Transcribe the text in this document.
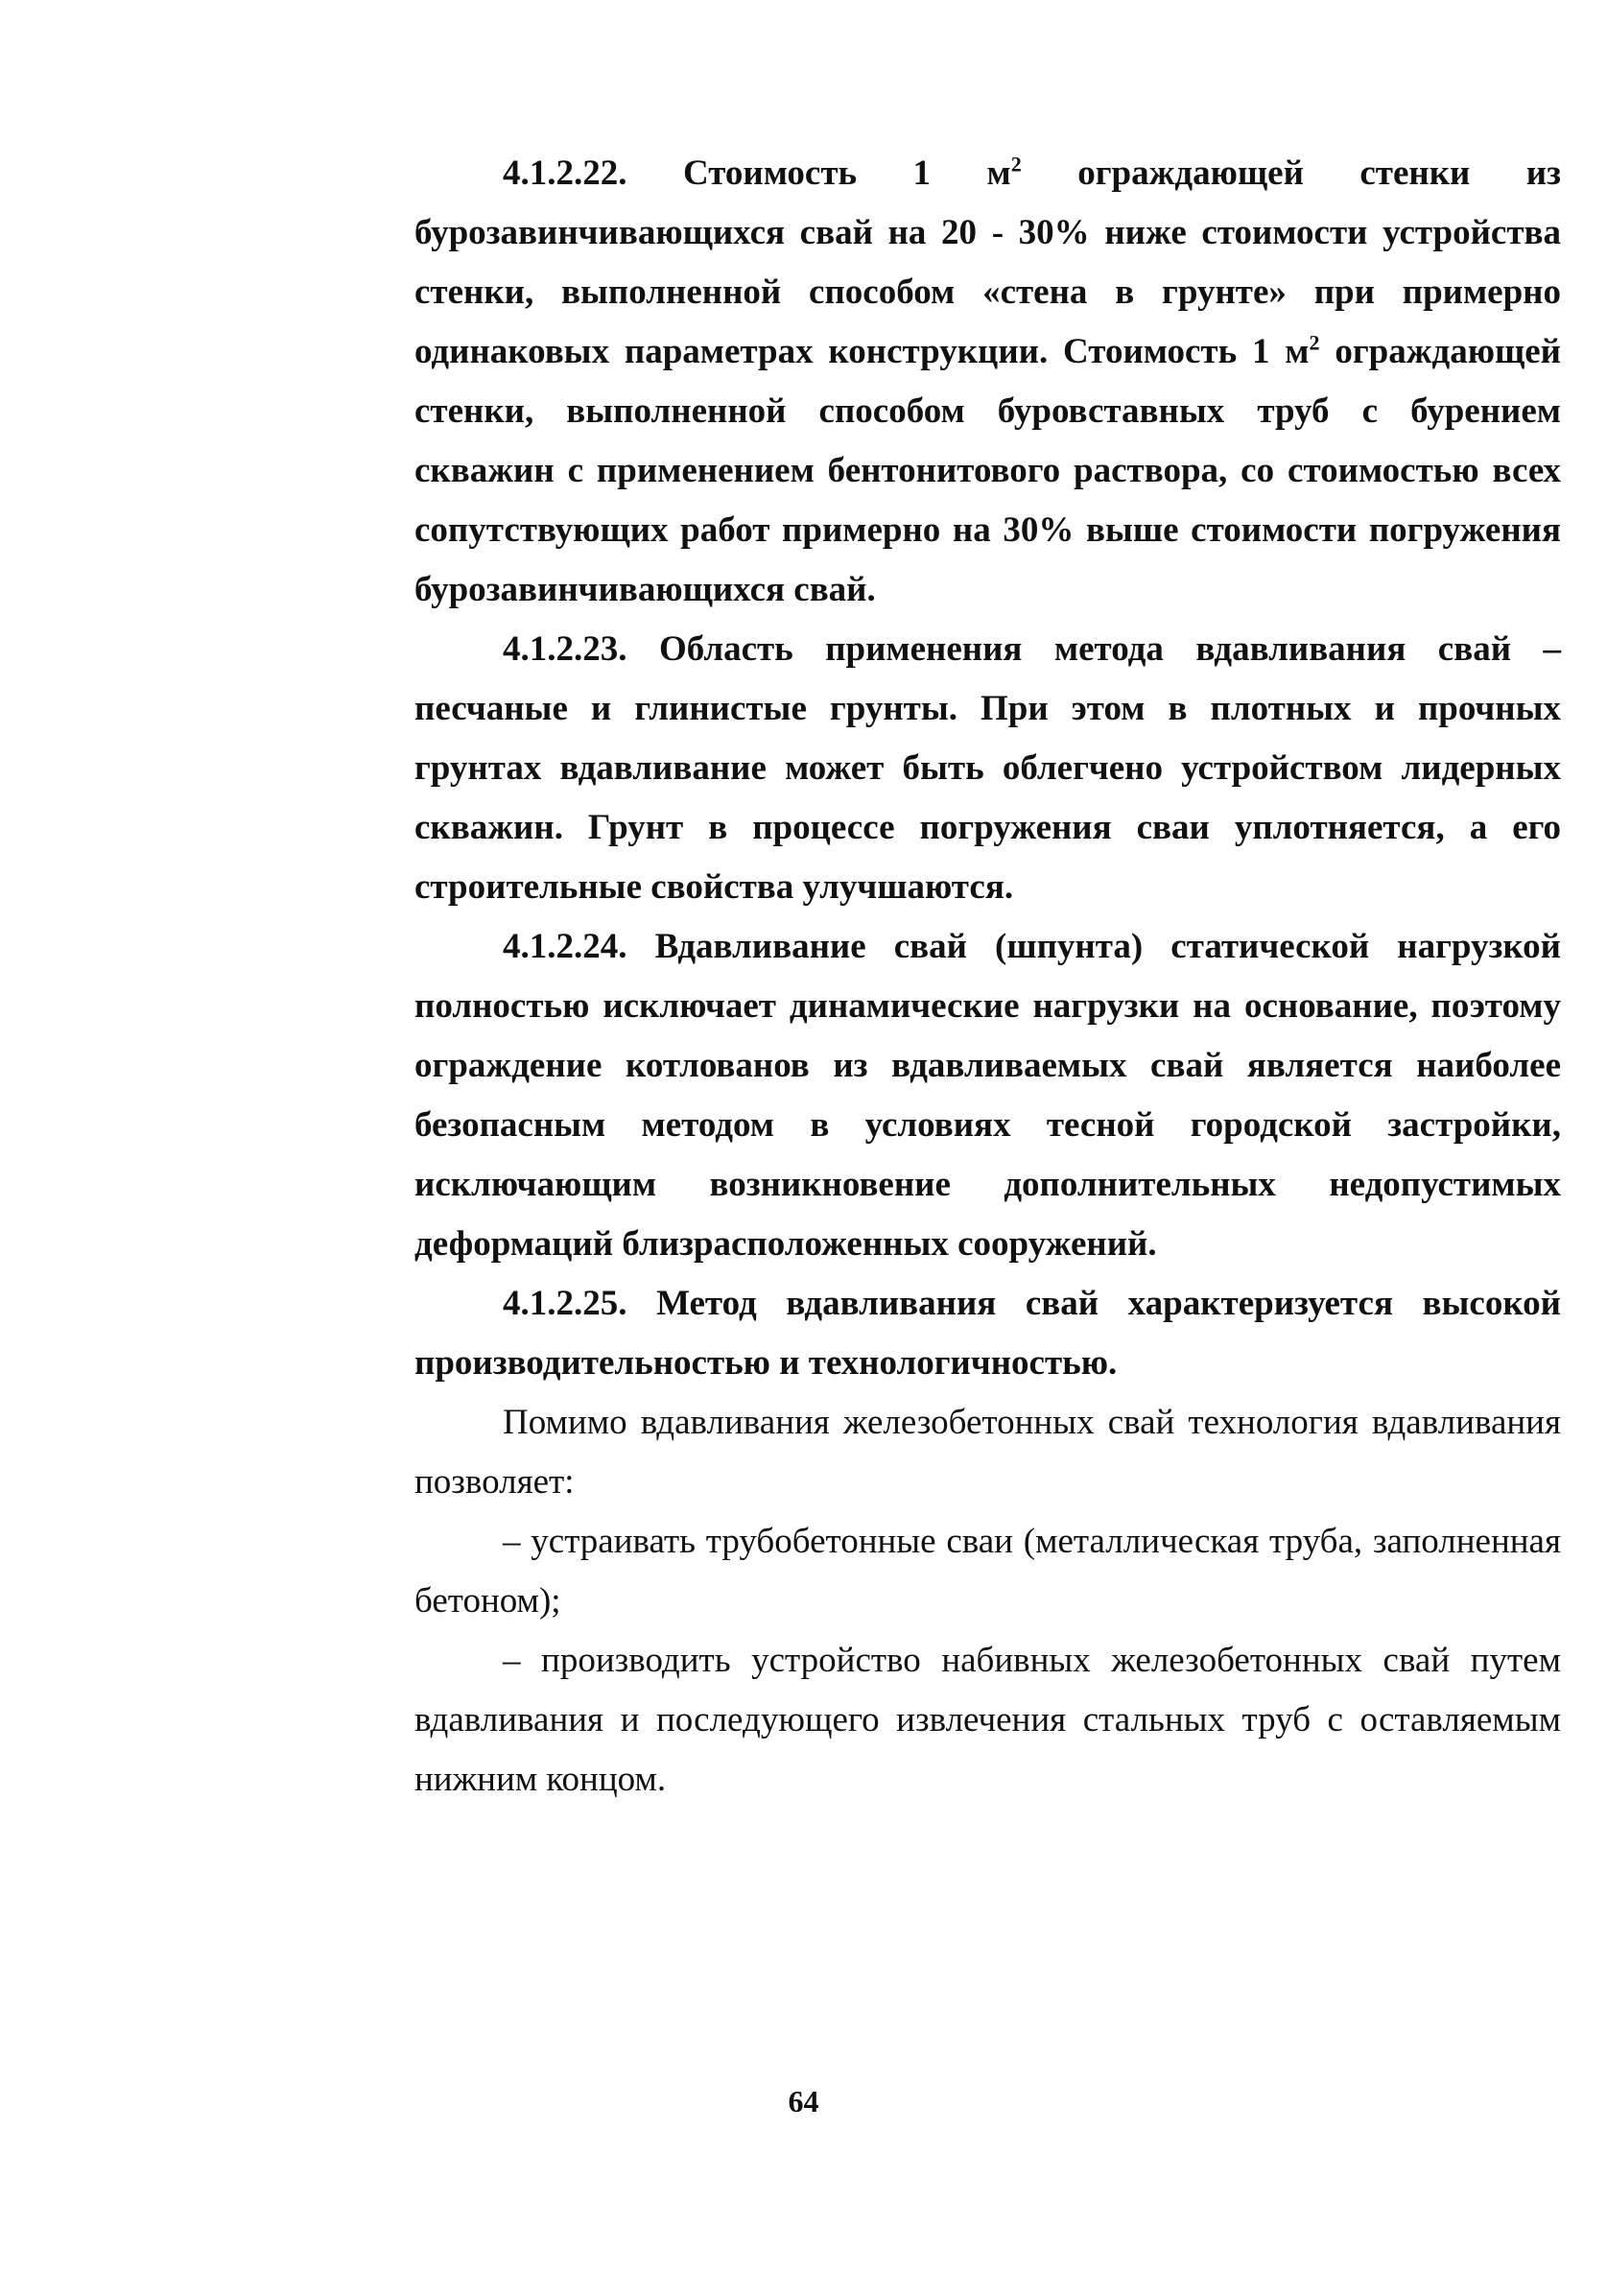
4.1.2.22. Стоимость 1 $м^2$ ограждающей стенки из бурозавинчивающихся свай на 20 - 30% ниже стоимости устройства стенки, выполненной способом «стена в грунте» при примерно одинаковых параметрах конструкции. Стоимость 1 $м^2$ ограждающей стенки, выполненной способом буровставных труб с бурением скважин с применением бентонитового раствора, со стоимостью всех сопутствующих работ примерно на 30% выше стоимости погружения бурозавинчивающихся свай.

4.1.2.23. Область применения метода вдавливания свай – песчаные и глинистые грунты. При этом в плотных и прочных грунтах вдавливание может быть облегчено устройством лидерных скважин. Грунт в процессе погружения сваи уплотняется, а его строительные свойства улучшаются.

4.1.2.24. Вдавливание свай (шпунта) статической нагрузкой полностью исключает динамические нагрузки на основание, поэтому ограждение котлованов из вдавливаемых свай является наиболее безопасным методом в условиях тесной городской застройки, исключающим возникновение дополнительных недопустимых деформаций близрасположенных сооружений.

4.1.2.25. Метод вдавливания свай характеризуется высокой производительностью и технологичностью.

Помимо вдавливания железобетонных свай технология вдавливания позволяет:

– устраивать трубобетонные сваи (металлическая труба, заполненная бетоном);

– производить устройство набивных железобетонных свай путем вдавливания и последующего извлечения стальных труб с оставляемым нижним концом.

64
